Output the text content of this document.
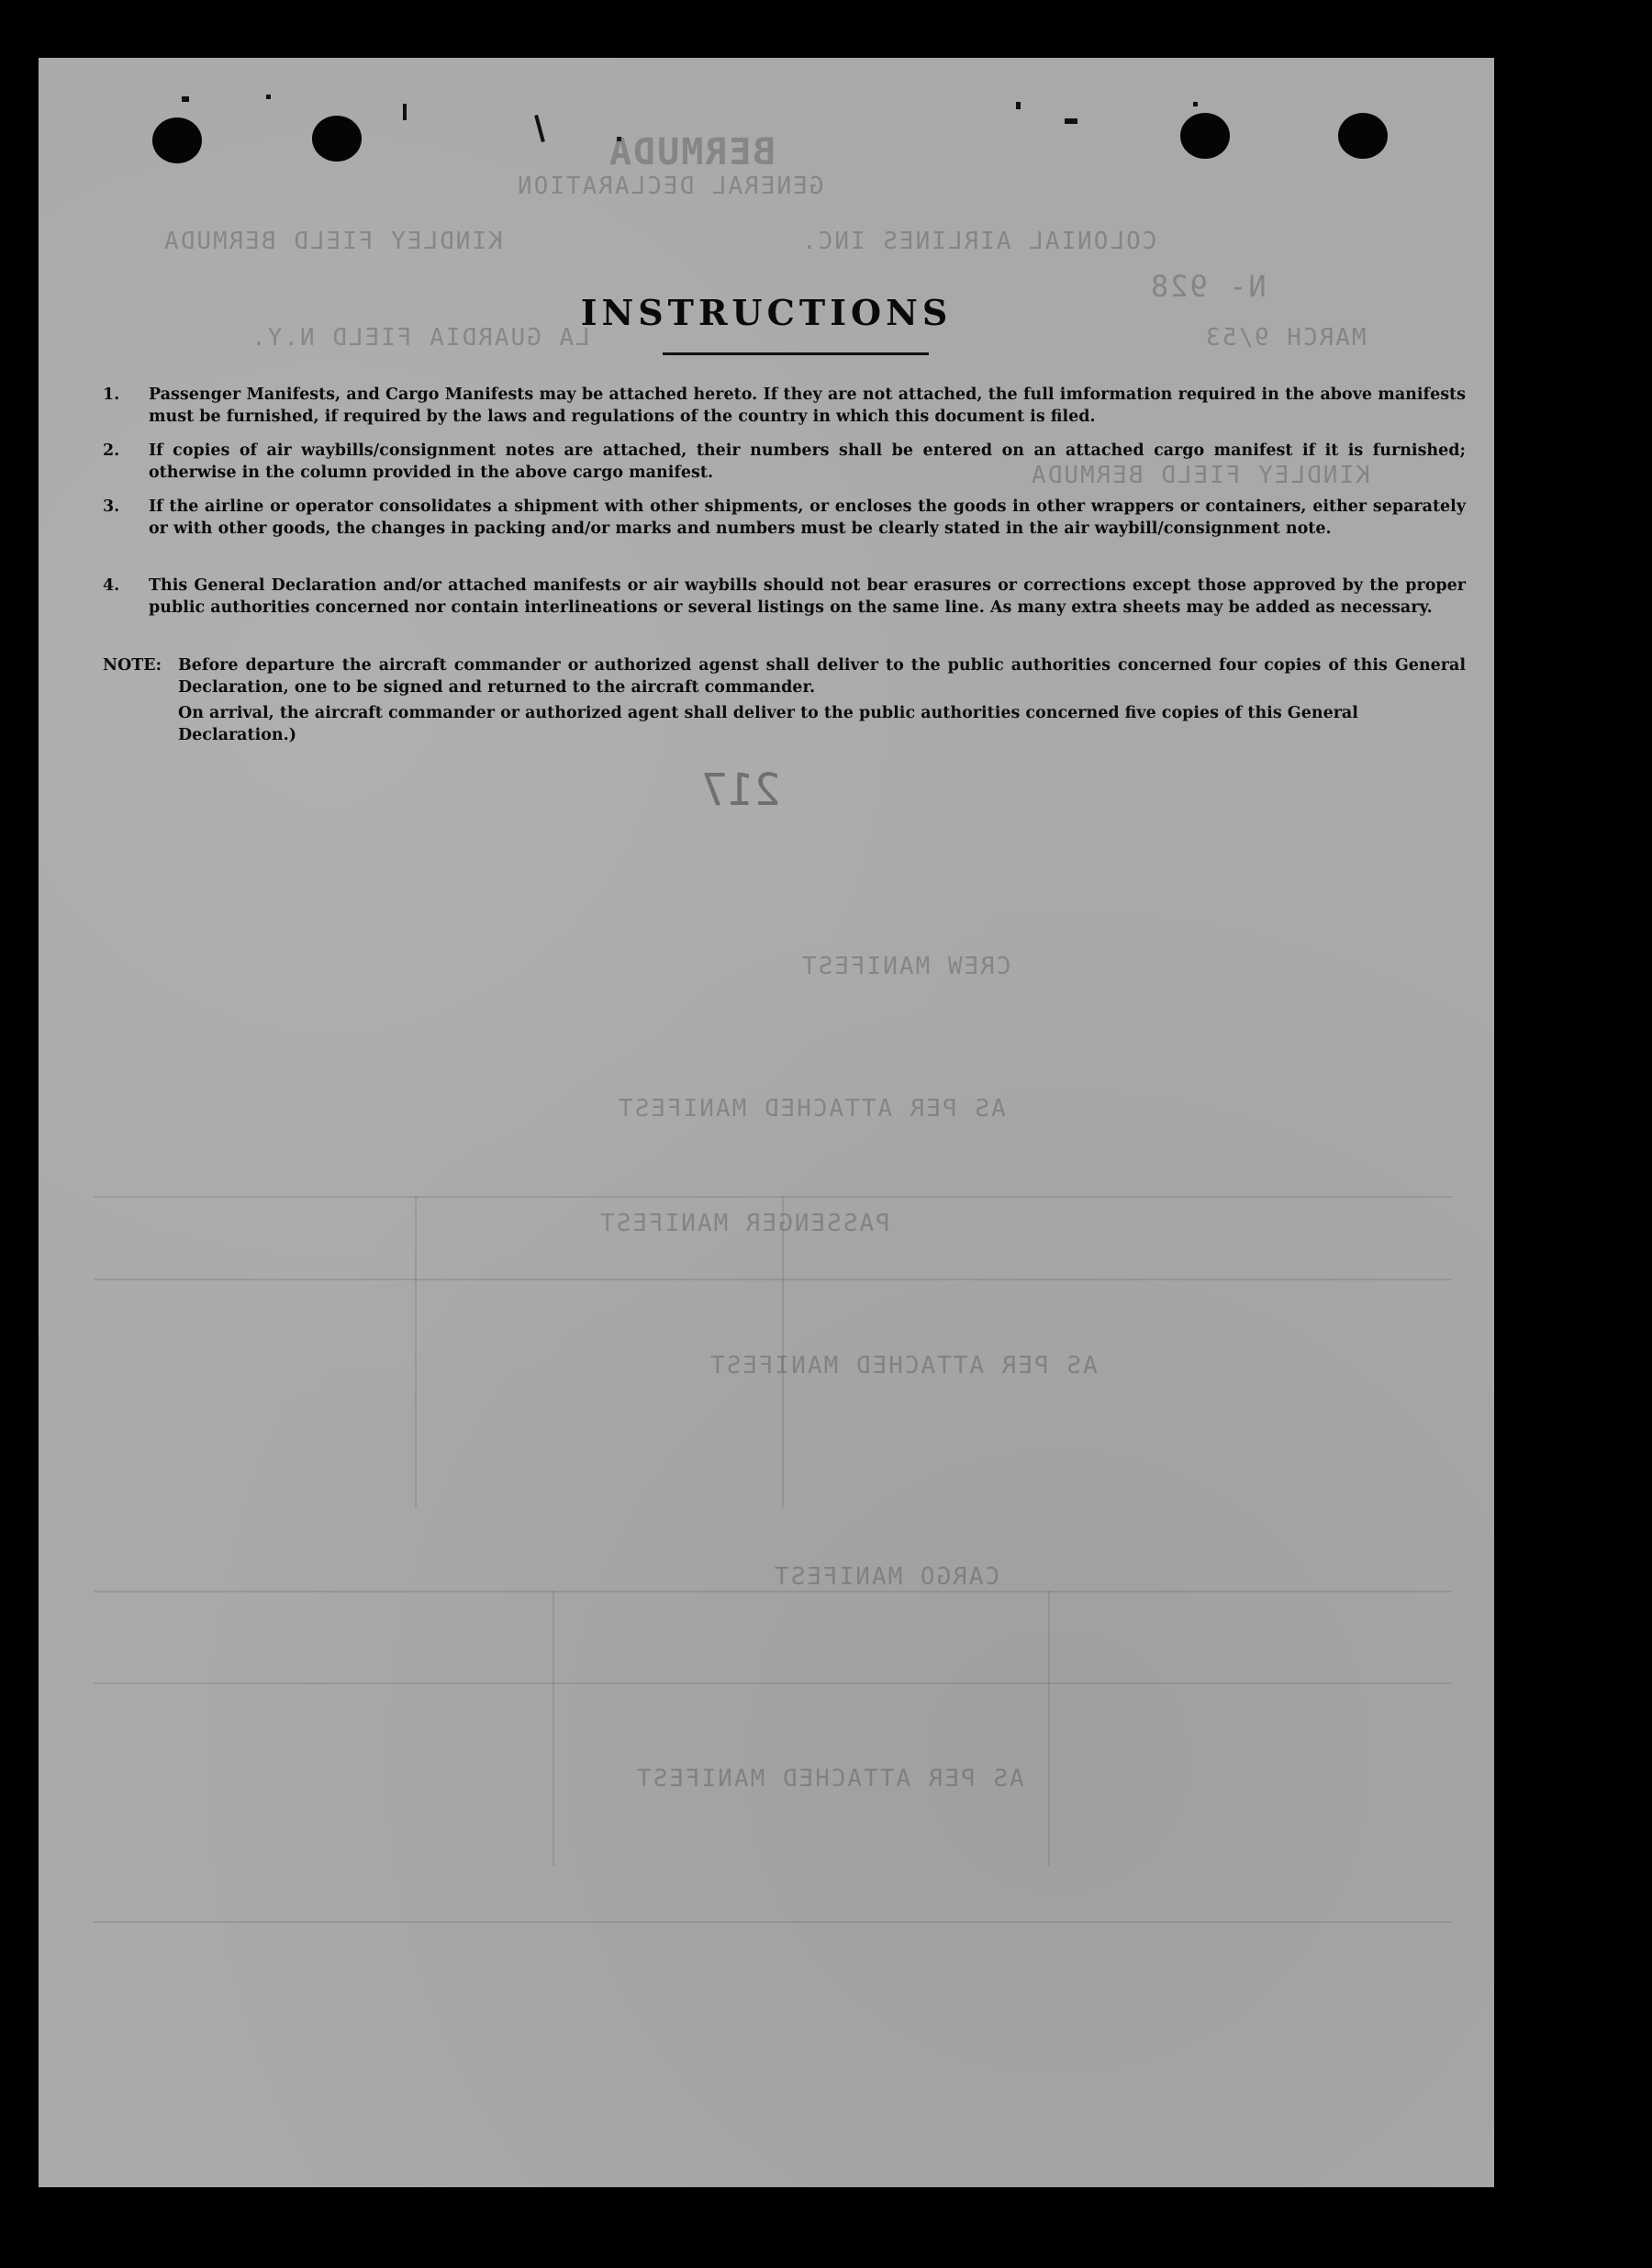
BERMUDA
GENERAL DECLARATION
COLONIAL AIRLINES INC.
KINDLEY FIELD BERMUDA
LA GUARDIA FIELD N.Y.	MARCH 9/53
N- 928
KINDLEY FIELD BERMUDA
AS PER ATTACHED MANIFEST
AS PER ATTACHED MANIFEST
CARGO MANIFEST
AS PER ATTACHED MANIFEST
CREW MANIFEST
PASSENGER MANIFEST
217
INSTRUCTIONS
1. Passenger Manifests, and Cargo Manifests may be attached hereto. If they are not attached, the full imformation required in the above manifests must be furnished, if required by the laws and regulations of the country in which this document is filed.
2. If copies of air waybills/consignment notes are attached, their numbers shall be entered on an attached cargo manifest if it is furnished; otherwise in the column provided in the above cargo manifest.
3. If the airline or operator consolidates a shipment with other shipments, or encloses the goods in other wrappers or containers, either separately or with other goods, the changes in packing and/or marks and numbers must be clearly stated in the air waybill/consignment note.
4. This General Declaration and/or attached manifests or air waybills should not bear erasures or corrections except those approved by the proper public authorities concerned nor contain interlineations or several listings on the same line. As many extra sheets may be added as necessary.
NOTE: Before departure the aircraft commander or authorized agenst shall deliver to the public authorities concerned four copies of this General Declaration, one to be signed and returned to the aircraft commander.
On arrival, the aircraft commander or authorized agent shall deliver to the public authorities concerned five copies of this General Declaration.)
